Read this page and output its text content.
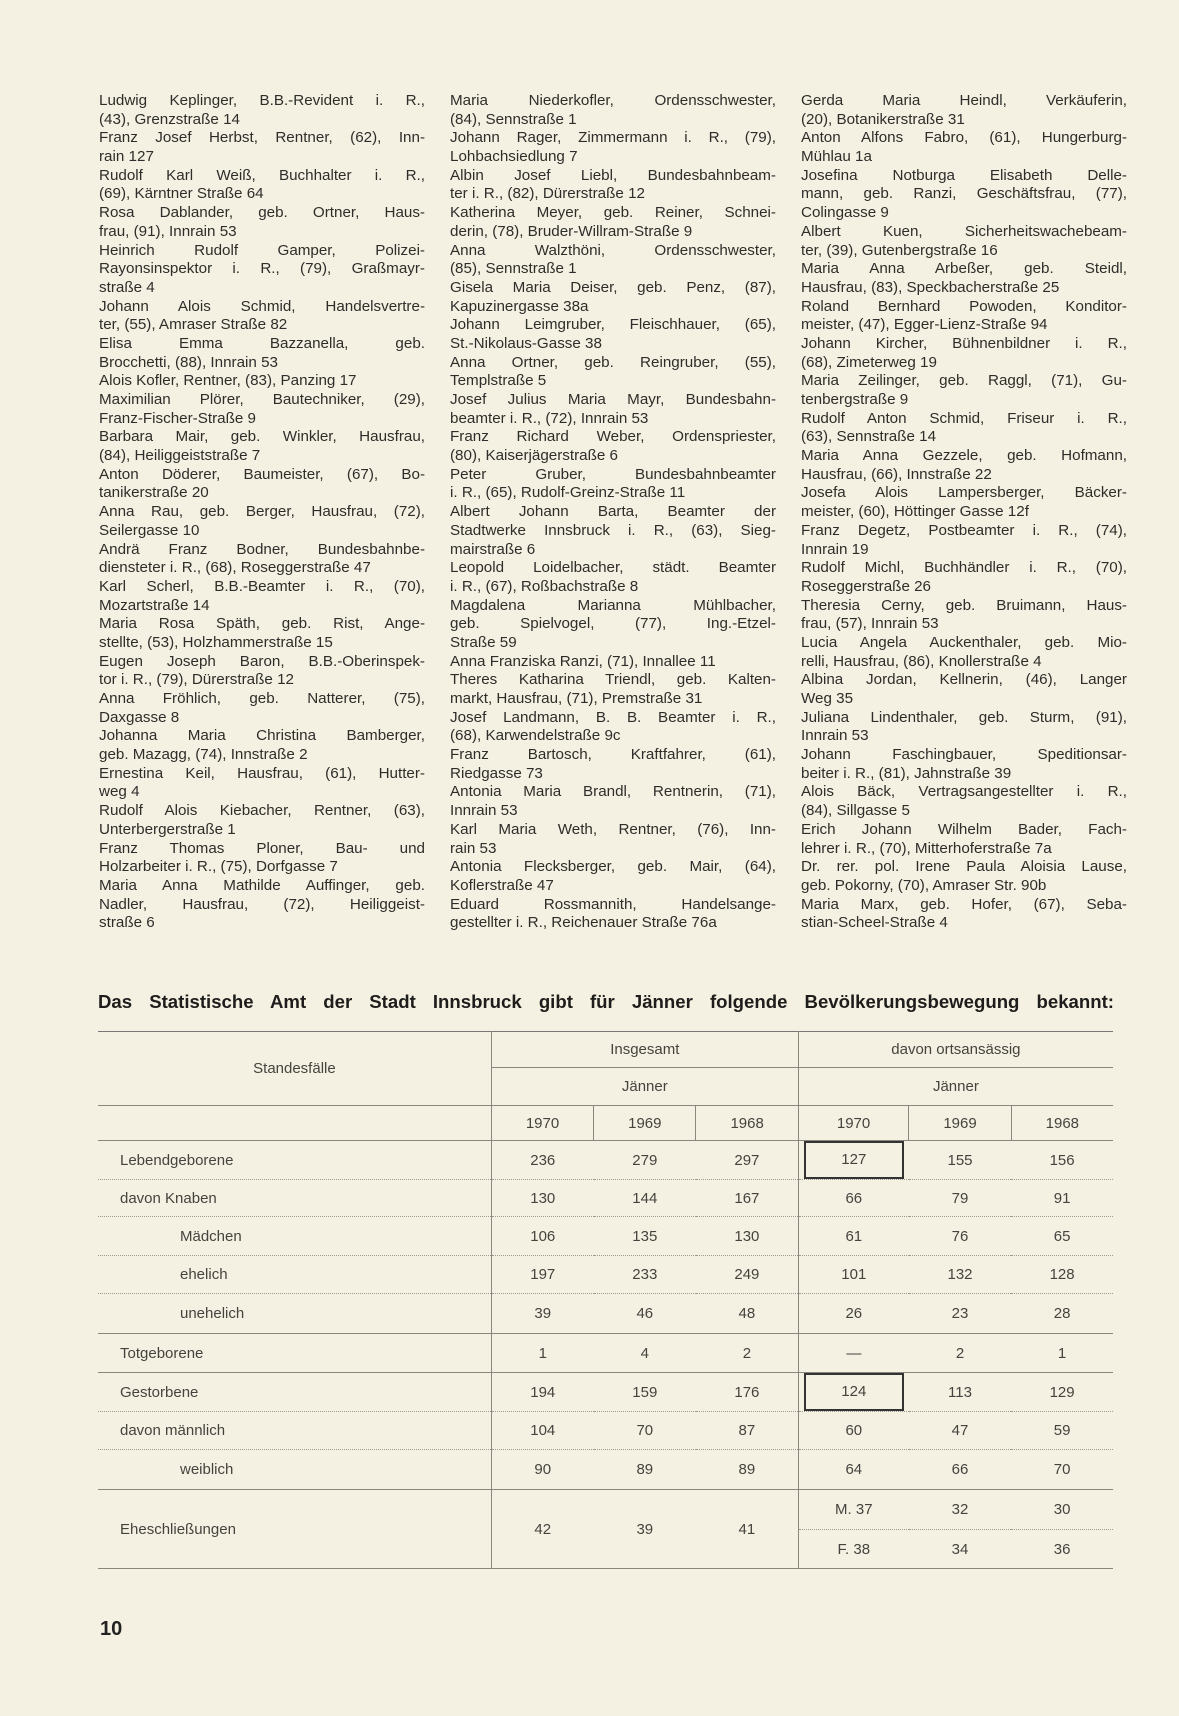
Ludwig Keplinger, B.B.-Revident i. R.,
(43), Grenzstraße 14
Franz Josef Herbst, Rentner, (62), Inn-
rain 127
Rudolf Karl Weiß, Buchhalter i. R.,
(69), Kärntner Straße 64
Rosa Dablander, geb. Ortner, Haus-
frau, (91), Innrain 53
Heinrich Rudolf Gamper, Polizei-
Rayonsinspektor i. R., (79), Graßmayr-
straße 4
Johann Alois Schmid, Handelsvertre-
ter, (55), Amraser Straße 82
Elisa Emma Bazzanella, geb.
Brocchetti, (88), Innrain 53
Alois Kofler, Rentner, (83), Panzing 17
Maximilian Plörer, Bautechniker, (29),
Franz-Fischer-Straße 9
Barbara Mair, geb. Winkler, Hausfrau,
(84), Heiliggeiststraße 7
Anton Döderer, Baumeister, (67), Bo-
tanikerstraße 20
Anna Rau, geb. Berger, Hausfrau, (72),
Seilergasse 10
Andrä Franz Bodner, Bundesbahnbe-
diensteter i. R., (68), Roseggerstraße 47
Karl Scherl, B.B.-Beamter i. R., (70),
Mozartstraße 14
Maria Rosa Späth, geb. Rist, Ange-
stellte, (53), Holzhammerstraße 15
Eugen Joseph Baron, B.B.-Oberinspek-
tor i. R., (79), Dürerstraße 12
Anna Fröhlich, geb. Natterer, (75),
Daxgasse 8
Johanna Maria Christina Bamberger,
geb. Mazagg, (74), Innstraße 2
Ernestina Keil, Hausfrau, (61), Hutter-
weg 4
Rudolf Alois Kiebacher, Rentner, (63),
Unterbergerstraße 1
Franz Thomas Ploner, Bau- und
Holzarbeiter i. R., (75), Dorfgasse 7
Maria Anna Mathilde Auffinger, geb.
Nadler, Hausfrau, (72), Heiliggeist-
straße 6
Maria Niederkofler, Ordensschwester,
(84), Sennstraße 1
Johann Rager, Zimmermann i. R., (79),
Lohbachsiedlung 7
Albin Josef Liebl, Bundesbahnbeam-
ter i. R., (82), Dürerstraße 12
Katherina Meyer, geb. Reiner, Schnei-
derin, (78), Bruder-Willram-Straße 9
Anna Walzthöni, Ordensschwester,
(85), Sennstraße 1
Gisela Maria Deiser, geb. Penz, (87),
Kapuzinergasse 38a
Johann Leimgruber, Fleischhauer, (65),
St.-Nikolaus-Gasse 38
Anna Ortner, geb. Reingruber, (55),
Templstraße 5
Josef Julius Maria Mayr, Bundesbahn-
beamter i. R., (72), Innrain 53
Franz Richard Weber, Ordenspriester,
(80), Kaiserjägerstraße 6
Peter Gruber, Bundesbahnbeamter
i. R., (65), Rudolf-Greinz-Straße 11
Albert Johann Barta, Beamter der
Stadtwerke Innsbruck i. R., (63), Sieg-
mairstraße 6
Leopold Loidelbacher, städt. Beamter
i. R., (67), Roßbachstraße 8
Magdalena Marianna Mühlbacher,
geb. Spielvogel, (77), Ing.-Etzel-
Straße 59
Anna Franziska Ranzi, (71), Innallee 11
Theres Katharina Triendl, geb. Kalten-
markt, Hausfrau, (71), Premstraße 31
Josef Landmann, B. B. Beamter i. R.,
(68), Karwendelstraße 9c
Franz Bartosch, Kraftfahrer, (61),
Riedgasse 73
Antonia Maria Brandl, Rentnerin, (71),
Innrain 53
Karl Maria Weth, Rentner, (76), Inn-
rain 53
Antonia Flecksberger, geb. Mair, (64),
Koflerstraße 47
Eduard Rossmannith, Handelsange-
gestellter i. R., Reichenauer Straße 76a
Gerda Maria Heindl, Verkäuferin,
(20), Botanikerstraße 31
Anton Alfons Fabro, (61), Hungerburg-
Mühlau 1a
Josefina Notburga Elisabeth Delle-
mann, geb. Ranzi, Geschäftsfrau, (77),
Colingasse 9
Albert Kuen, Sicherheitswachebeam-
ter, (39), Gutenbergstraße 16
Maria Anna Arbeßer, geb. Steidl,
Hausfrau, (83), Speckbacherstraße 25
Roland Bernhard Powoden, Konditor-
meister, (47), Egger-Lienz-Straße 94
Johann Kircher, Bühnenbildner i. R.,
(68), Zimeterweg 19
Maria Zeilinger, geb. Raggl, (71), Gu-
tenbergstraße 9
Rudolf Anton Schmid, Friseur i. R.,
(63), Sennstraße 14
Maria Anna Gezzele, geb. Hofmann,
Hausfrau, (66), Innstraße 22
Josefa Alois Lampersberger, Bäcker-
meister, (60), Höttinger Gasse 12f
Franz Degetz, Postbeamter i. R., (74),
Innrain 19
Rudolf Michl, Buchhändler i. R., (70),
Roseggerstraße 26
Theresia Cerny, geb. Bruimann, Haus-
frau, (57), Innrain 53
Lucia Angela Auckenthaler, geb. Mio-
relli, Hausfrau, (86), Knollerstraße 4
Albina Jordan, Kellnerin, (46), Langer
Weg 35
Juliana Lindenthaler, geb. Sturm, (91),
Innrain 53
Johann Faschingbauer, Speditionsar-
beiter i. R., (81), Jahnstraße 39
Alois Bäck, Vertragsangestellter i. R.,
(84), Sillgasse 5
Erich Johann Wilhelm Bader, Fach-
lehrer i. R., (70), Mitterhoferstraße 7a
Dr. rer. pol. Irene Paula Aloisia Lause,
geb. Pokorny, (70), Amraser Str. 90b
Maria Marx, geb. Hofer, (67), Seba-
stian-Scheel-Straße 4
Das Statistische Amt der Stadt Innsbruck gibt für Jänner folgende Bevölkerungsbewegung bekannt:
Standesfälle	Insgesamt			davon ortsansässig		
	Jänner			Jänner		
	1970	1969	1968	1970	1969	1968
Lebendgeborene	236	279	297	127	155	156
davon Knaben	130	144	167	66	79	91
Mädchen	106	135	130	61	76	65
ehelich	197	233	249	101	132	128
unehelich	39	46	48	26	23	28
Totgeborene	1	4	2	—	2	1
Gestorbene	194	159	176	124	113	129
davon männlich	104	70	87	60	47	59
weiblich	90	89	89	64	66	70
Eheschließungen	42	39	41	M. 37	32	30
				F. 38	34	36
10
